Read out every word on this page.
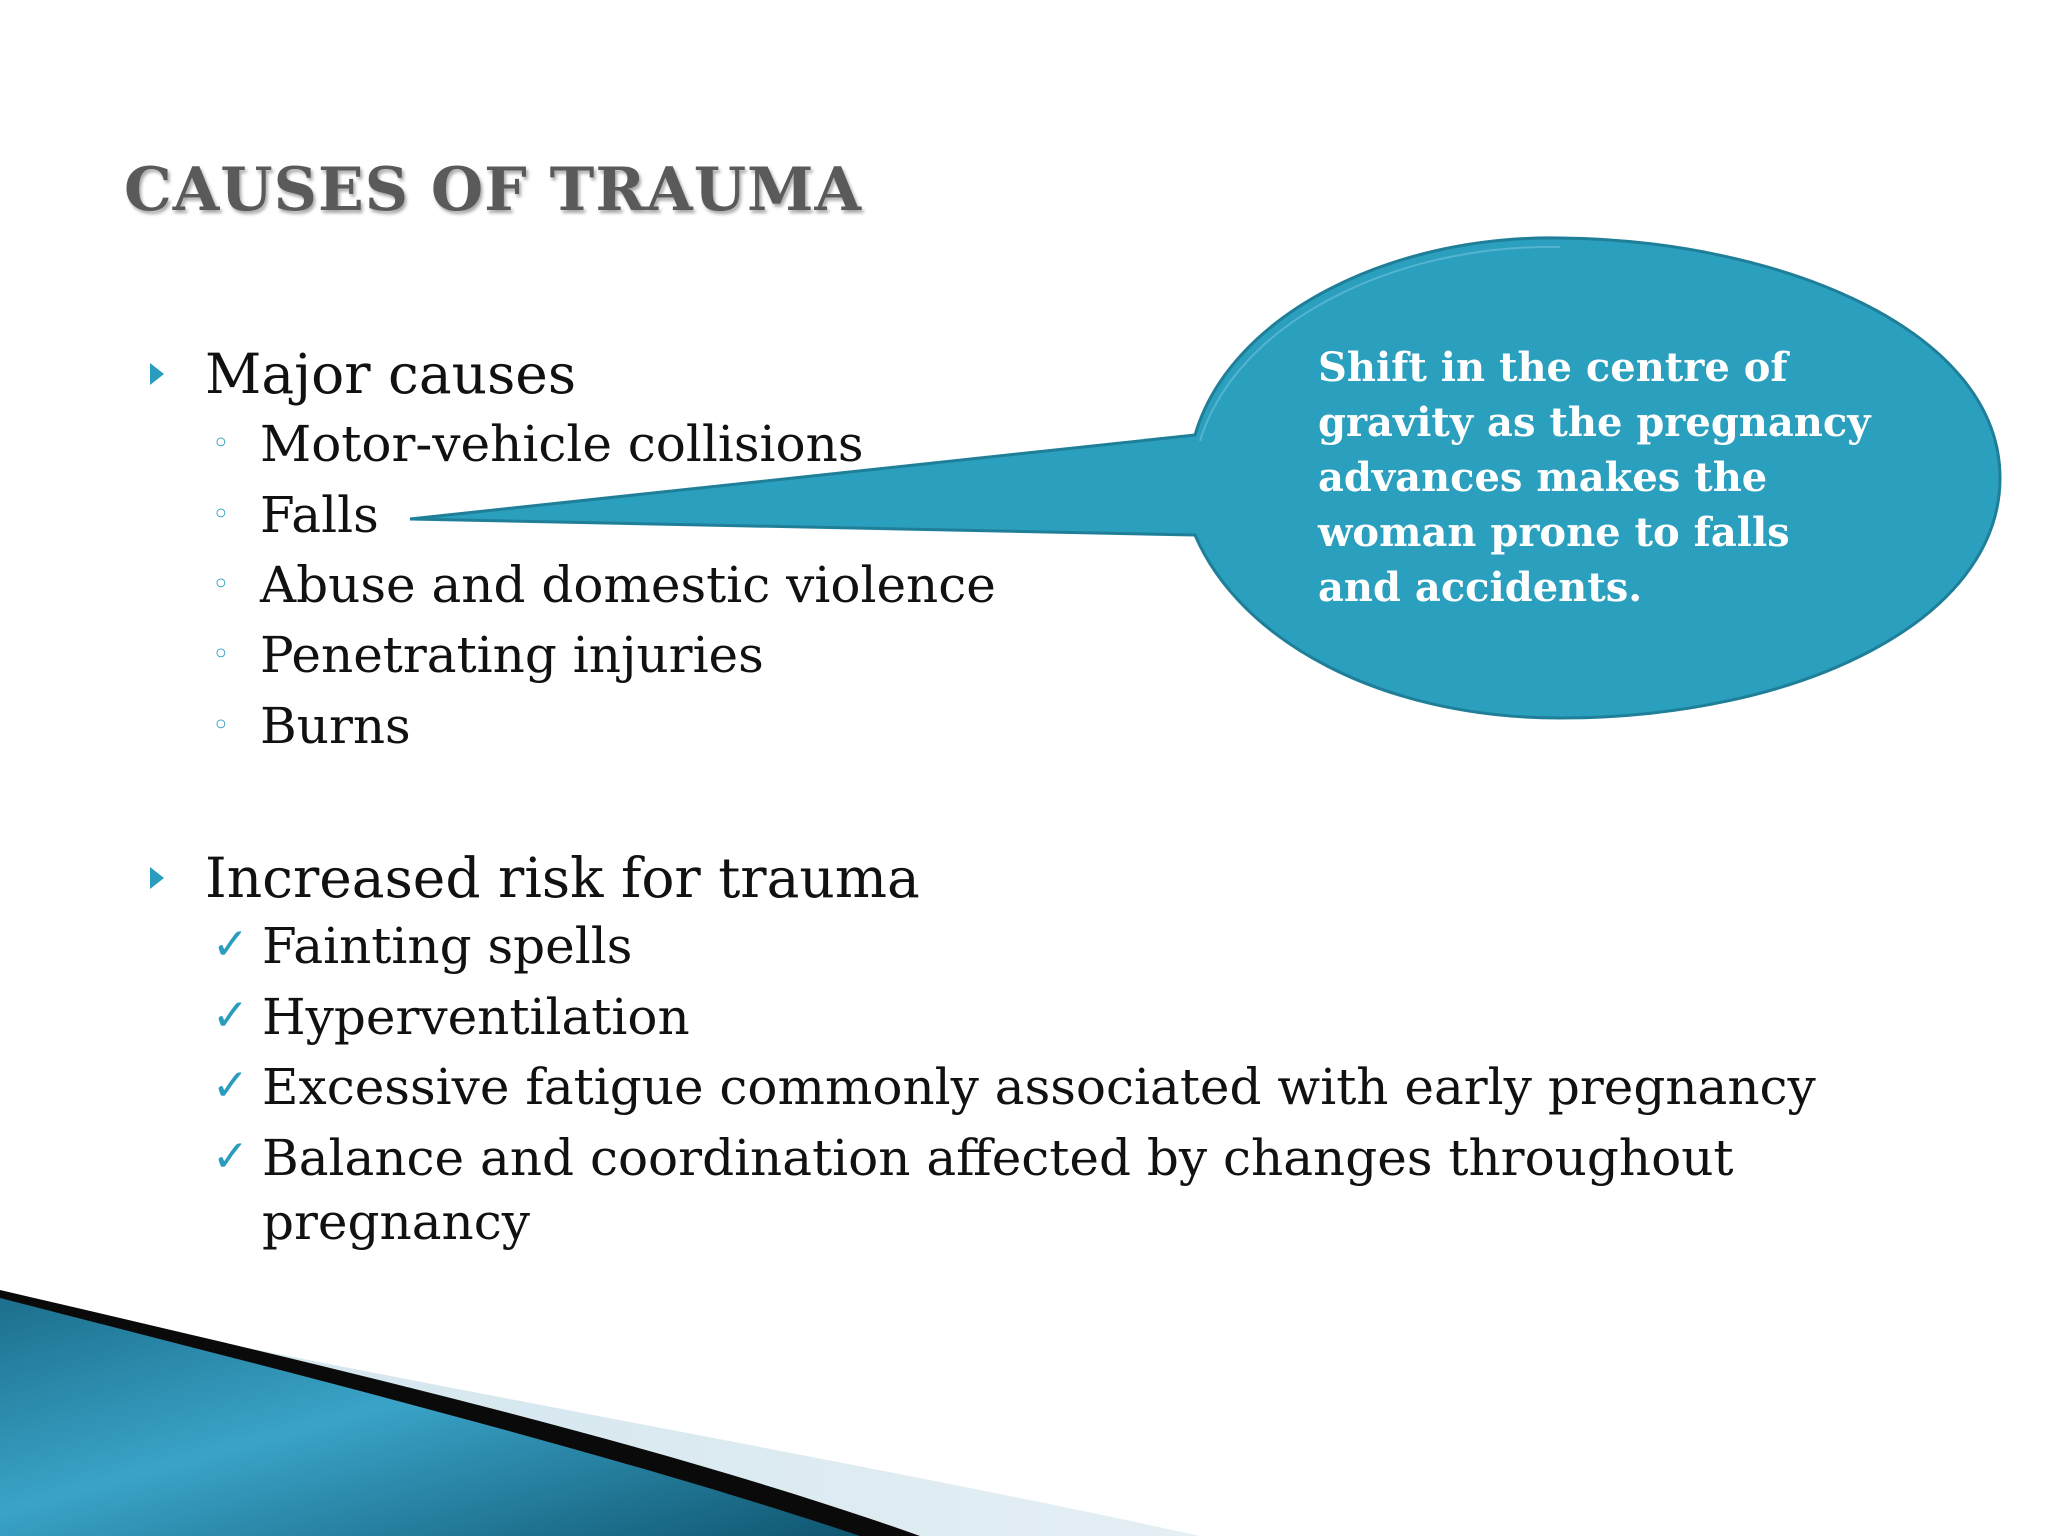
CAUSES OF TRAUMA
Shift in the centre of gravity as the pregnancy advances makes the woman prone to falls and accidents.
Major causes
◦ Motor-vehicle collisions
◦ Falls
◦ Abuse and domestic violence
◦ Penetrating injuries
◦ Burns
Increased risk for trauma
✓ Fainting spells
✓ Hyperventilation
✓ Excessive fatigue commonly associated with early pregnancy
✓ Balance and coordination affected by changes throughout pregnancy
